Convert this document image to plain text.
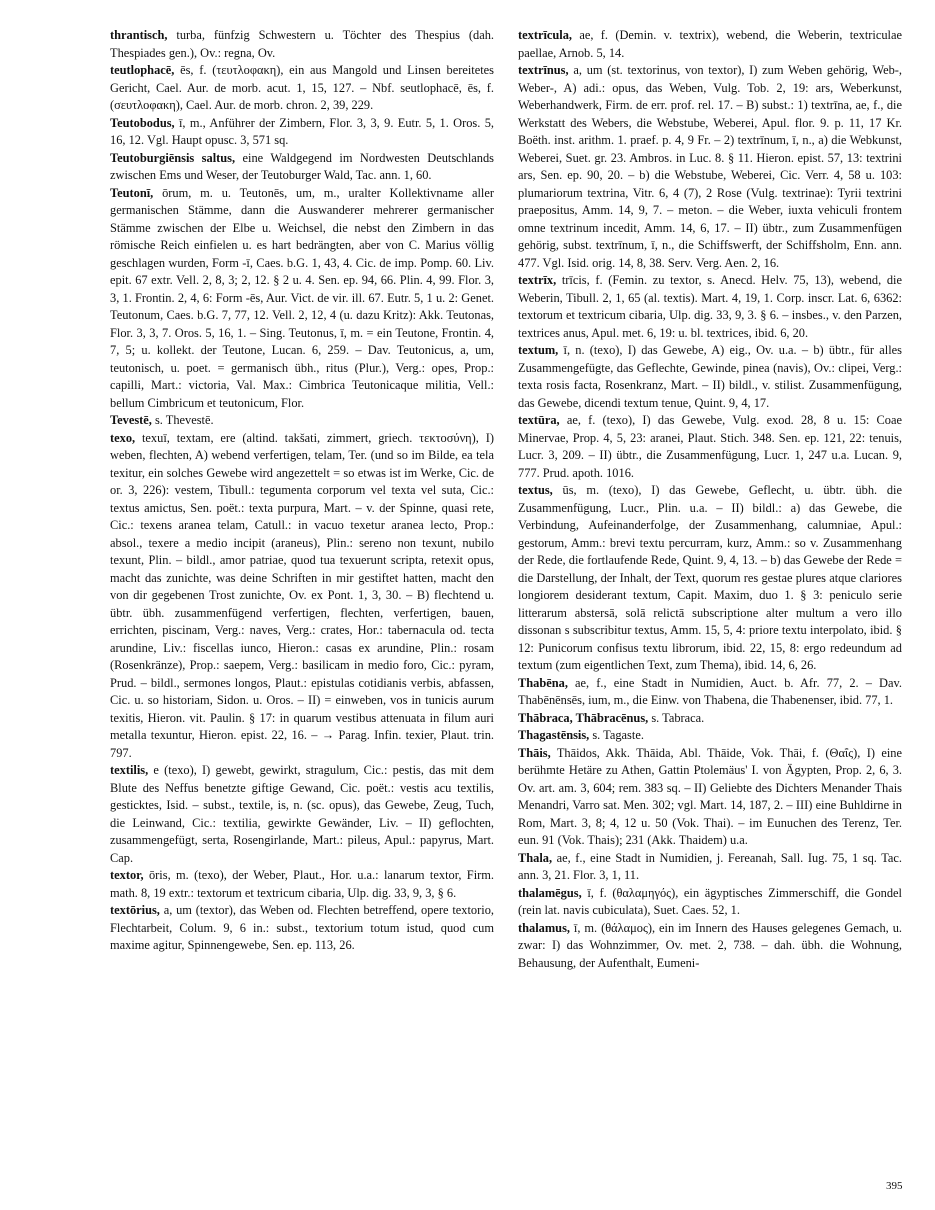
thrantisch, turba, fünfzig Schwestern u. Töchter des Thespius (dah. Thespiades gen.), Ov.: regna, Ov.
teutlophacē, ēs, f. (τευτλοφακη), ein aus Mangold und Linsen bereitetes Gericht, Cael. Aur. de morb. acut. 1, 15, 127. – Nbf. seutlophacē, ēs, f. (σευτλοφακη), Cael. Aur. de morb. chron. 2, 39, 229.
Teutobodus, ī, m., Anführer der Zimbern, Flor. 3, 3, 9. Eutr. 5, 1. Oros. 5, 16, 12. Vgl. Haupt opusc. 3, 571 sq.
Teutoburgiēnsis saltus, eine Waldgegend im Nordwesten Deutschlands zwischen Ems und Weser, der Teutoburger Wald, Tac. ann. 1, 60.
Teutonī, ōrum, m. u. Teutonēs, um, m., uralter Kollektivname aller germanischen Stämme, dann die Auswanderer mehrerer germanischer Stämme zwischen der Elbe u. Weichsel, die nebst den Zimbern in das römische Reich einfielen u. es hart bedrängten, aber von C. Marius völlig geschlagen wurden, Form -ī, Caes. b.G. 1, 43, 4. Cic. de imp. Pomp. 60. Liv. epit. 67 extr. Vell. 2, 8, 3; 2, 12. § 2 u. 4. Sen. ep. 94, 66. Plin. 4, 99. Flor. 3, 3, 1. Frontin. 2, 4, 6: Form -ēs, Aur. Vict. de vir. ill. 67. Eutr. 5, 1 u. 2: Genet. Teutonum, Caes. b.G. 7, 77, 12. Vell. 2, 12, 4 (u. dazu Kritz): Akk. Teutonas, Flor. 3, 3, 7. Oros. 5, 16, 1. – Sing. Teutonus, ī, m. = ein Teutone, Frontin. 4, 7, 5; u. kollekt. der Teutone, Lucan. 6, 259. – Dav. Teutonicus, a, um, teutonisch, u. poet. = germanisch übh., ritus (Plur.), Verg.: opes, Prop.: capilli, Mart.: victoria, Val. Max.: Cimbrica Teutonicaque militia, Vell.: bellum Cimbricum et teutonicum, Flor.
Tevestē, s. Thevestē.
texo, texuī, textam, ere (altind. takšati, zimmert, griech. τεκτοσύνη), I) weben, flechten, A) webend verfertigen, telam, Ter. (und so im Bilde, ea tela texitur, ein solches Gewebe wird angezettelt = so etwas ist im Werke, Cic. de or. 3, 226): vestem, Tibull.: tegumenta corporum vel texta vel suta, Cic.: textus amictus, Sen. poët.: texta purpura, Mart. – v. der Spinne, quasi rete, Cic.: texens aranea telam, Catull.: in vacuo texetur aranea lecto, Prop.: absol., texere a medio incipit (araneus), Plin.: sereno non texunt, nubilo texunt, Plin. – bildl., amor patriae, quod tua texuerunt scripta, retexit opus, macht das zunichte, was deine Schriften in mir gestiftet hatten, macht den von dir gegebenen Trost zunichte, Ov. ex Pont. 1, 3, 30. – B) flechtend u. übtr. übh. zusammenfügend verfertigen, flechten, verfertigen, bauen, errichten, piscinam, Verg.: naves, Verg.: crates, Hor.: tabernacula od. tecta arundine, Liv.: fiscellas iunco, Hieron.: casas ex arundine, Plin.: rosam (Rosenkränze), Prop.: saepem, Verg.: basilicam in medio foro, Cic.: pyram, Prud. – bildl., sermones longos, Plaut.: epistulas cotidianis verbis, abfassen, Cic. u. so historiam, Sidon. u. Oros. – II) = einweben, vos in tunicis aurum texitis, Hieron. vit. Paulin. § 17: in quarum vestibus attenuata in filum auri metalla texuntur, Hieron. epist. 22, 16. – → Parag. Infin. texier, Plaut. trin. 797.
textilis, e (texo), I) gewebt, gewirkt, stragulum, Cic.: pestis, das mit dem Blute des Neffus benetzte giftige Gewand, Cic. poët.: vestis acu textilis, gesticktes, Isid. – subst., textile, is, n. (sc. opus), das Gewebe, Zeug, Tuch, die Leinwand, Cic.: textilia, gewirkte Gewänder, Liv. – II) geflochten, zusammengefügt, serta, Rosengirlande, Mart.: pileus, Apul.: papyrus, Mart. Cap.
textor, ōris, m. (texo), der Weber, Plaut., Hor. u.a.: lanarum textor, Firm. math. 8, 19 extr.: textorum et textricum cibaria, Ulp. dig. 33, 9, 3, § 6.
textōrius, a, um (textor), das Weben od. Flechten betreffend, opere textorio, Flechtarbeit, Colum. 9, 6 in.: subst., textorium totum istud, quod cum maxime agitur, Spinnengewebe, Sen. ep. 113, 26.
textrīcula, ae, f. (Demin. v. textrix), webend, die Weberin, textriculae paellae, Arnob. 5, 14.
textrīnus, a, um (st. textorinus, von textor), I) zum Weben gehörig, Web-, Weber-, A) adi.: opus, das Weben, Vulg. Tob. 2, 19: ars, Weberkunst, Weberhandwerk, Firm. de err. prof. rel. 17. – B) subst.: 1) textrīna, ae, f., die Werkstatt des Webers, die Webstube, Weberei, Apul. flor. 9. p. 11, 17 Kr. Boëth. inst. arithm. 1. praef. p. 4, 9 Fr. – 2) textrīnum, ī, n., a) die Webkunst, Weberei, Suet. gr. 23. Ambros. in Luc. 8. § 11. Hieron. epist. 57, 13: textrini ars, Sen. ep. 90, 20. – b) die Webstube, Weberei, Cic. Verr. 4, 58 u. 103: plumariorum textrina, Vitr. 6, 4 (7), 2 Rose (Vulg. textrinae): Tyrii textrini praepositus, Amm. 14, 9, 7. – meton. – die Weber, iuxta vehiculi frontem omne textrinum incedit, Amm. 14, 6, 17. – II) übtr., zum Zusammenfügen gehörig, subst. textrīnum, ī, n., die Schiffswerft, der Schiffsholm, Enn. ann. 477. Vgl. Isid. orig. 14, 8, 38. Serv. Verg. Aen. 2, 16.
textrīx, trīcis, f. (Femin. zu textor, s. Anecd. Helv. 75, 13), webend, die Weberin, Tibull. 2, 1, 65 (al. textis). Mart. 4, 19, 1. Corp. inscr. Lat. 6, 6362: textorum et textricum cibaria, Ulp. dig. 33, 9, 3. § 6. – insbes., v. den Parzen, textrices anus, Apul. met. 6, 19: u. bl. textrices, ibid. 6, 20.
textum, ī, n. (texo), I) das Gewebe, A) eig., Ov. u.a. – b) übtr., für alles Zusammengefügte, das Geflechte, Gewinde, pinea (navis), Ov.: clipei, Verg.: texta rosis facta, Rosenkranz, Mart. – II) bildl., v. stilist. Zusammenfügung, das Gewebe, dicendi textum tenue, Quint. 9, 4, 17.
textūra, ae, f. (texo), I) das Gewebe, Vulg. exod. 28, 8 u. 15: Coae Minervae, Prop. 4, 5, 23: aranei, Plaut. Stich. 348. Sen. ep. 121, 22: tenuis, Lucr. 3, 209. – II) übtr., die Zusammenfügung, Lucr. 1, 247 u.a. Lucan. 9, 777. Prud. apoth. 1016.
textus, ūs, m. (texo), I) das Gewebe, Geflecht, u. übtr. übh. die Zusammenfügung, Lucr., Plin. u.a. – II) bildl.: a) das Gewebe, die Verbindung, Aufeinanderfolge, der Zusammenhang, calumniae, Apul.: gestorum, Amm.: brevi textu percurram, kurz, Amm.: so v. Zusammenhang der Rede, die fortlaufende Rede, Quint. 9, 4, 13. – b) das Gewebe der Rede = die Darstellung, der Inhalt, der Text, quorum res gestae plures atque clariores longiorem desiderant textum, Capit. Maxim, duo 1. § 3: peniculo serie litterarum abstersā, solā relictā subscriptione alter multum a vero illo dissonan s subscribitur textus, Amm. 15, 5, 4: priore textu interpolato, ibid. § 12: Punicorum confisus textu librorum, ibid. 22, 15, 8: ergo redeundum ad textum (zum eigentlichen Text, zum Thema), ibid. 14, 6, 26.
Thabēna, ae, f., eine Stadt in Numidien, Auct. b. Afr. 77, 2. – Dav. Thabēnēnsēs, ium, m., die Einw. von Thabena, die Thabenenser, ibid. 77, 1.
Thābraca, Thābracēnus, s. Tabraca.
Thagastēnsis, s. Tagaste.
Thāis, Thāidos, Akk. Thāida, Abl. Thāide, Vok. Thāi, f. (Θαΐς), I) eine berühmte Hetäre zu Athen, Gattin Ptolemäus' I. von Ägypten, Prop. 2, 6, 3. Ov. art. am. 3, 604; rem. 383 sq. – II) Geliebte des Dichters Menander Thais Menandri, Varro sat. Men. 302; vgl. Mart. 14, 187, 2. – III) eine Buhldirne in Rom, Mart. 3, 8; 4, 12 u. 50 (Vok. Thai). – im Eunuchen des Terenz, Ter. eun. 91 (Vok. Thais); 231 (Akk. Thaidem) u.a.
Thala, ae, f., eine Stadt in Numidien, j. Fereanah, Sall. Iug. 75, 1 sq. Tac. ann. 3, 21. Flor. 3, 1, 11.
thalamēgus, ī, f. (θαλαμηγός), ein ägyptisches Zimmerschiff, die Gondel (rein lat. navis cubiculata), Suet. Caes. 52, 1.
thalamus, ī, m. (θάλαμος), ein im Innern des Hauses gelegenes Gemach, u. zwar: I) das Wohnzimmer, Ov. met. 2, 738. – dah. übh. die Wohnung, Behausung, der Aufenthalt, Eumeni-
395
